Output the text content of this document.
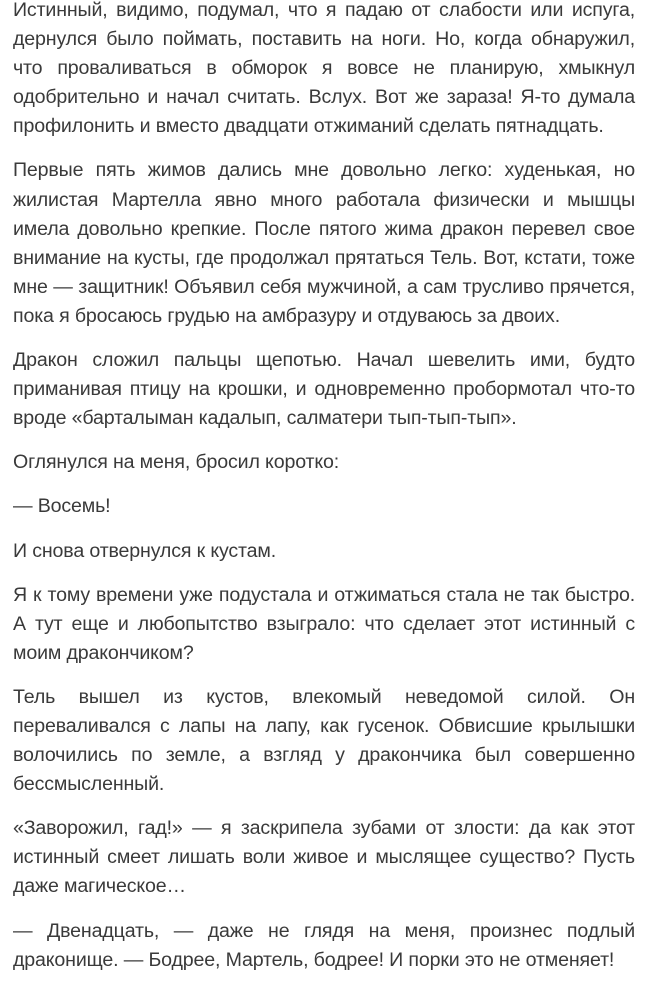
Истинный, видимо, подумал, что я падаю от слабости или испуга, дернулся было поймать, поставить на ноги. Но, когда обнаружил, что проваливаться в обморок я вовсе не планирую, хмыкнул одобрительно и начал считать. Вслух. Вот же зараза! Я-то думала профилонить и вместо двадцати отжиманий сделать пятнадцать.

Первые пять жимов дались мне довольно легко: худенькая, но жилистая Мартелла явно много работала физически и мышцы имела довольно крепкие. После пятого жима дракон перевел свое внимание на кусты, где продолжал прятаться Тель. Вот, кстати, тоже мне — защитник! Объявил себя мужчиной, а сам трусливо прячется, пока я бросаюсь грудью на амбразуру и отдуваюсь за двоих.

Дракон сложил пальцы щепотью. Начал шевелить ими, будто приманивая птицу на крошки, и одновременно пробормотал что-то вроде «барталыман кадалып, салматери тып-тып-тып».

Оглянулся на меня, бросил коротко:

— Восемь!

И снова отвернулся к кустам.

Я к тому времени уже подустала и отжиматься стала не так быстро. А тут еще и любопытство взыграло: что сделает этот истинный с моим дракончиком?

Тель вышел из кустов, влекомый неведомой силой. Он переваливался с лапы на лапу, как гусенок. Обвисшие крылышки волочились по земле, а взгляд у дракончика был совершенно бессмысленный.

«Заворожил, гад!» — я заскрипела зубами от злости: да как этот истинный смеет лишать воли живое и мыслящее существо? Пусть даже магическое…

— Двенадцать, — даже не глядя на меня, произнес подлый драконище. — Бодрее, Мартель, бодрее! И порки это не отменяет!
